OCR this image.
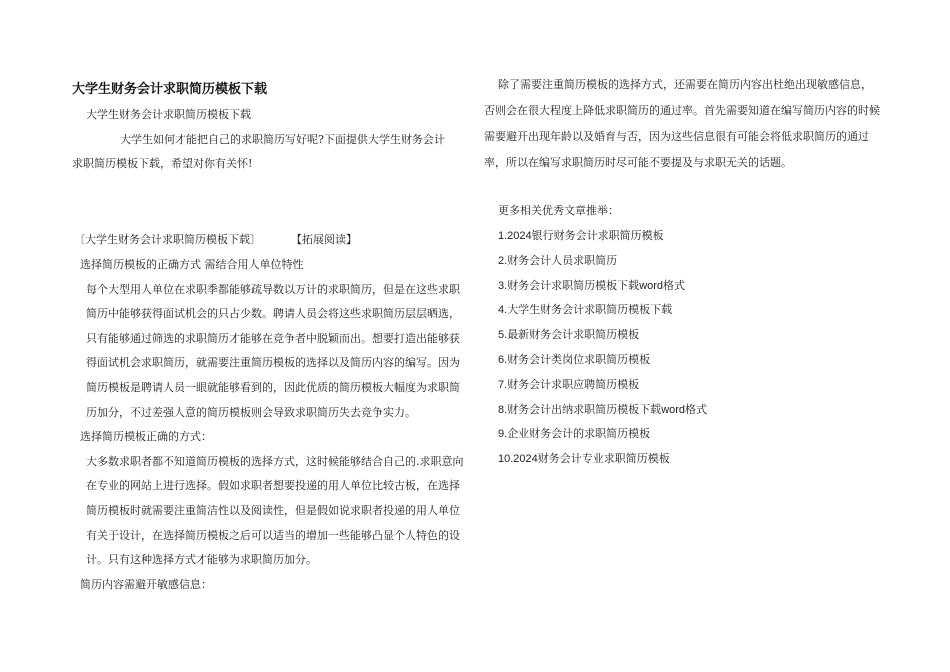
大学生财务会计求职简历模板下载
大学生财务会计求职简历模板下载
大学生如何才能把自己的求职简历写好呢?下面提供大学生财务会计
求职简历模板下载，希望对你有关怀!
〔大学生财务会计求职简历模板下载〕	【拓展阅读】

选择简历模板的正确方式 需结合用人单位特性

每个大型用人单位在求职季都能够疏导数以万计的求职简历，但是在这些求职简历中能够获得面试机会的只占少数。聘请人员会将这些求职简历层层晒选，只有能够通过筛选的求职简历才能够在竞争者中脱颖而出。想要打造出能够获得面试机会求职简历，就需要注重简历模板的选择以及简历内容的编写。因为简历模板是聘请人员一眼就能够看到的，因此优质的简历模板大幅度为求职简历加分，不过差强人意的简历模板则会导致求职简历失去竞争实力。

选择简历模板正确的方式：

大多数求职者都不知道简历模板的选择方式，这时候能够结合自己的.求职意向在专业的网站上进行选择。假如求职者想要投递的用人单位比较古板，在选择简历模板时就需要注重简洁性以及阅读性，但是假如说求职者投递的用人单位有关于设计，在选择简历模板之后可以适当的增加一些能够凸显个人特色的设计。只有这种选择方式才能够为求职简历加分。

简历内容需避开敏感信息：

除了需要注重简历模板的选择方式，还需要在简历内容出杜绝出现敏感信息，否则会在很大程度上降低求职简历的通过率。首先需要知道在编写简历内容的时候需要避开出现年龄以及婚育与否，因为这些信息很有可能会将低求职简历的通过率，所以在编写求职简历时尽可能不要提及与求职无关的话题。
更多相关优秀文章推举：
1.2024银行财务会计求职简历模板
2.财务会计人员求职简历
3.财务会计求职简历模板下载word格式
4.大学生财务会计求职简历模板下载
5.最新财务会计求职简历模板
6.财务会计类岗位求职简历模板
7.财务会计求职应聘简历模板
8.财务会计出纳求职简历模板下载word格式
9.企业财务会计的求职简历模板
10.2024财务会计专业求职简历模板
